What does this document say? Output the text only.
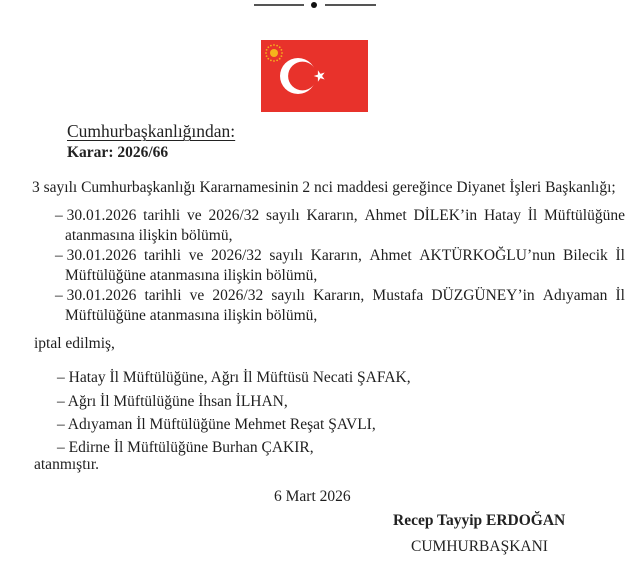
Cumhurbaşkanlığından:
Karar: 2026/66
3 sayılı Cumhurbaşkanlığı Kararnamesinin 2 nci maddesi gereğince Diyanet İşleri Başkanlığı;
– 30.01.2026 tarihli ve 2026/32 sayılı Kararın, Ahmet DİLEK’in Hatay İl Müftülüğüne
atanmasına ilişkin bölümü,
– 30.01.2026 tarihli ve 2026/32 sayılı Kararın, Ahmet AKTÜRKOĞLU’nun Bilecik İl
Müftülüğüne atanmasına ilişkin bölümü,
– 30.01.2026 tarihli ve 2026/32 sayılı Kararın, Mustafa DÜZGÜNEY’in Adıyaman İl
Müftülüğüne atanmasına ilişkin bölümü,
iptal edilmiş,
– Hatay İl Müftülüğüne, Ağrı İl Müftüsü Necati ŞAFAK,
– Ağrı İl Müftülüğüne İhsan İLHAN,
– Adıyaman İl Müftülüğüne Mehmet Reşat ŞAVLI,
– Edirne İl Müftülüğüne Burhan ÇAKIR,
atanmıştır.
6 Mart 2026
Recep Tayyip ERDOĞAN
CUMHURBAŞKANI
